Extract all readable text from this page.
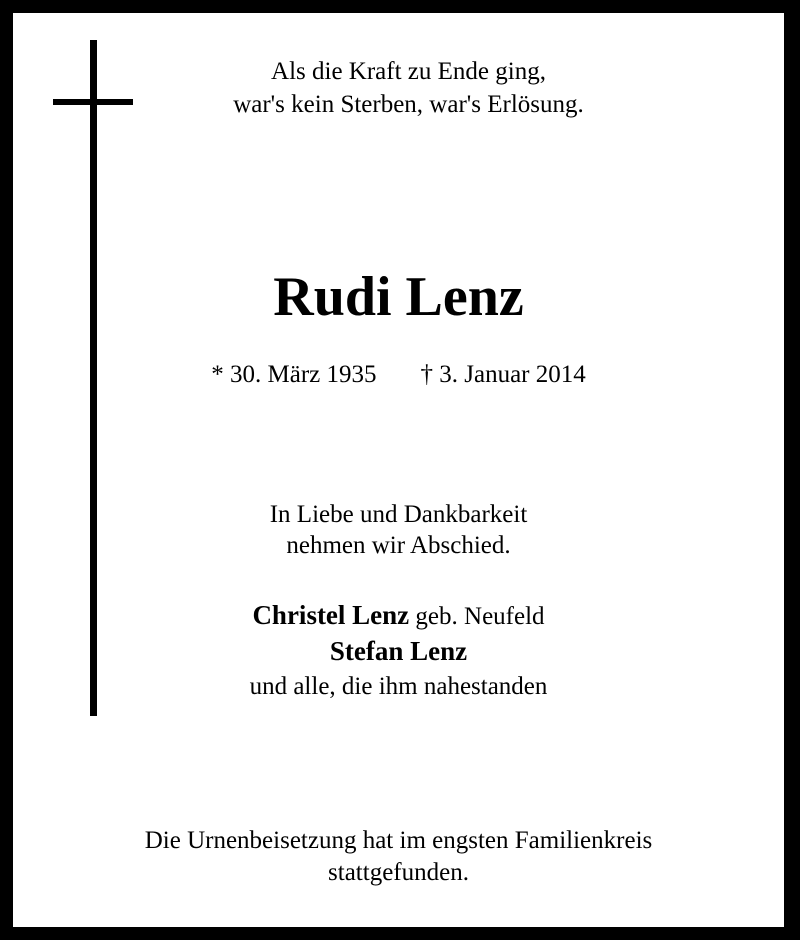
Als die Kraft zu Ende ging,
war's kein Sterben, war's Erlösung.
Rudi Lenz
* 30. März 1935 † 3. Januar 2014
In Liebe und Dankbarkeit
nehmen wir Abschied.
Christel Lenz geb. Neufeld
Stefan Lenz
und alle, die ihm nahestanden
Die Urnenbeisetzung hat im engsten Familienkreis
stattgefunden.
